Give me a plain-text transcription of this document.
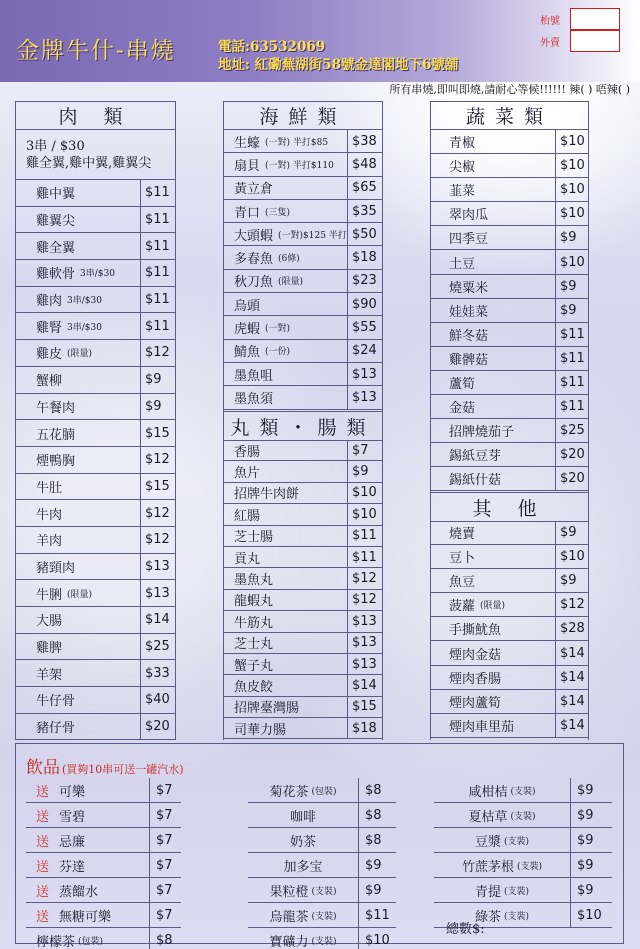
金牌牛什-串燒	電話:63532069
地址: 紅磡蕪湖街58號金達閣地下6號舖
枱號
外賣
所有串燒,即叫即燒,請耐心等候!!!!!! 辣( ) 唔辣( )
肉 類
3串 / $30
雞全翼,雞中翼,雞翼尖
雞中翼	$11
雞翼尖	$11
雞全翼	$11
雞軟骨 3串/$30	$11
雞肉 3串/$30	$11
雞腎 3串/$30	$11
雞皮 (限量)	$12
蟹柳	$9
午餐肉	$9
五花腩	$15
煙鴨胸	$12
牛肚	$15
牛肉	$12
羊肉	$12
豬頸肉	$13
牛脷 (限量)	$13
大腸	$14
雞脾	$25
羊架	$33
牛仔骨	$40
豬仔骨	$20
海鮮類
生蠔 (一對) 半打$85	$38
扇貝 (一對) 半打$110	$48
黃立倉	$65
青口 (三隻)	$35
大頭蝦 (一對)$125 半打 $50
多春魚 (6條)	$18
秋刀魚 (限量)	$23
烏頭	$90
虎蝦 (一對)	$55
鯖魚 (一份)	$24
墨魚咀	$13
墨魚須	$13
丸類・腸類
香腸	$7
魚片	$9
招牌牛肉餅	$10
紅腸	$10
芝士腸	$11
貢丸	$11
墨魚丸	$12
龍蝦丸	$12
牛筋丸	$13
芝士丸	$13
蟹子丸	$13
魚皮餃	$14
招牌臺灣腸	$15
司華力腸	$18
蔬菜類
青椒	$10
尖椒	$10
韮菜	$10
翠肉瓜	$10
四季豆	$9
土豆	$10
燒粟米	$9
娃娃菜	$9
鮮冬菇	$11
雞髀菇	$11
蘆筍	$11
金菇	$11
招牌燒茄子	$25
錫紙豆芽	$20
錫紙什菇	$20
其 他
燒賣	$9
豆卜	$10
魚豆	$9
菠蘿 (限量)	$12
手撕魷魚	$28
煙肉金菇	$14
煙肉香腸	$14
煙肉蘆筍	$14
煙肉車里茄	$14
飲品 (買夠10串可送一罐汽水)
送 可樂	$7
送 雪碧	$7
送 忌廉	$7
送 芬達	$7
送 蒸餾水	$7
送 無糖可樂	$7
檸檬茶 (包裝)	$8
菊花茶 (包裝)	$8
咖啡	$8
奶茶	$8
加多宝	$9
果粒橙 (支裝)	$9
烏龍茶 (支裝)	$11
寶礦力 (支裝)	$10
咸柑桔 (支裝)	$9
夏枯草 (支裝)	$9
豆漿 (支裝)	$9
竹蔗茅根 (支裝)	$9
青提 (支裝)	$9
綠茶 (支裝)	$10
總數$:
